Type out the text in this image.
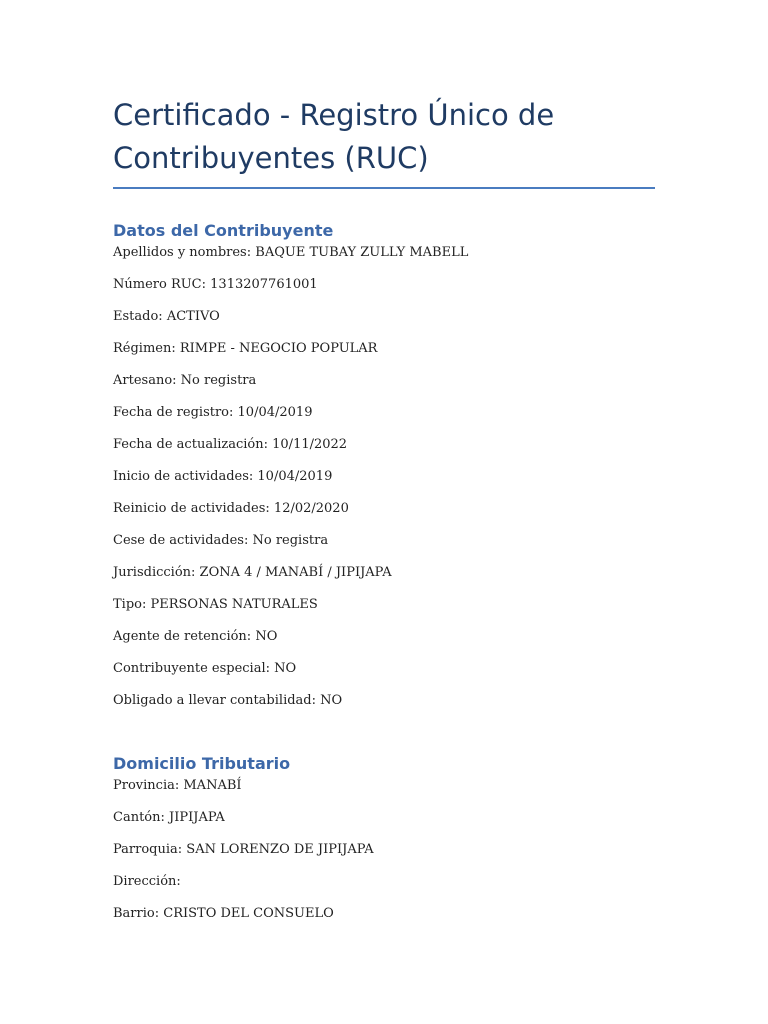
Certificado - Registro Único de Contribuyentes (RUC)
Datos del Contribuyente

Apellidos y nombres: BAQUE TUBAY ZULLY MABELL

Número RUC: 1313207761001

Estado: ACTIVO

Régimen: RIMPE - NEGOCIO POPULAR

Artesano: No registra

Fecha de registro: 10/04/2019

Fecha de actualización: 10/11/2022

Inicio de actividades: 10/04/2019

Reinicio de actividades: 12/02/2020

Cese de actividades: No registra

Jurisdicción: ZONA 4 / MANABÍ / JIPIJAPA

Tipo: PERSONAS NATURALES

Agente de retención: NO

Contribuyente especial: NO

Obligado a llevar contabilidad: NO

Domicilio Tributario

Provincia: MANABÍ

Cantón: JIPIJAPA

Parroquia: SAN LORENZO DE JIPIJAPA

Dirección:

Barrio: CRISTO DEL CONSUELO
